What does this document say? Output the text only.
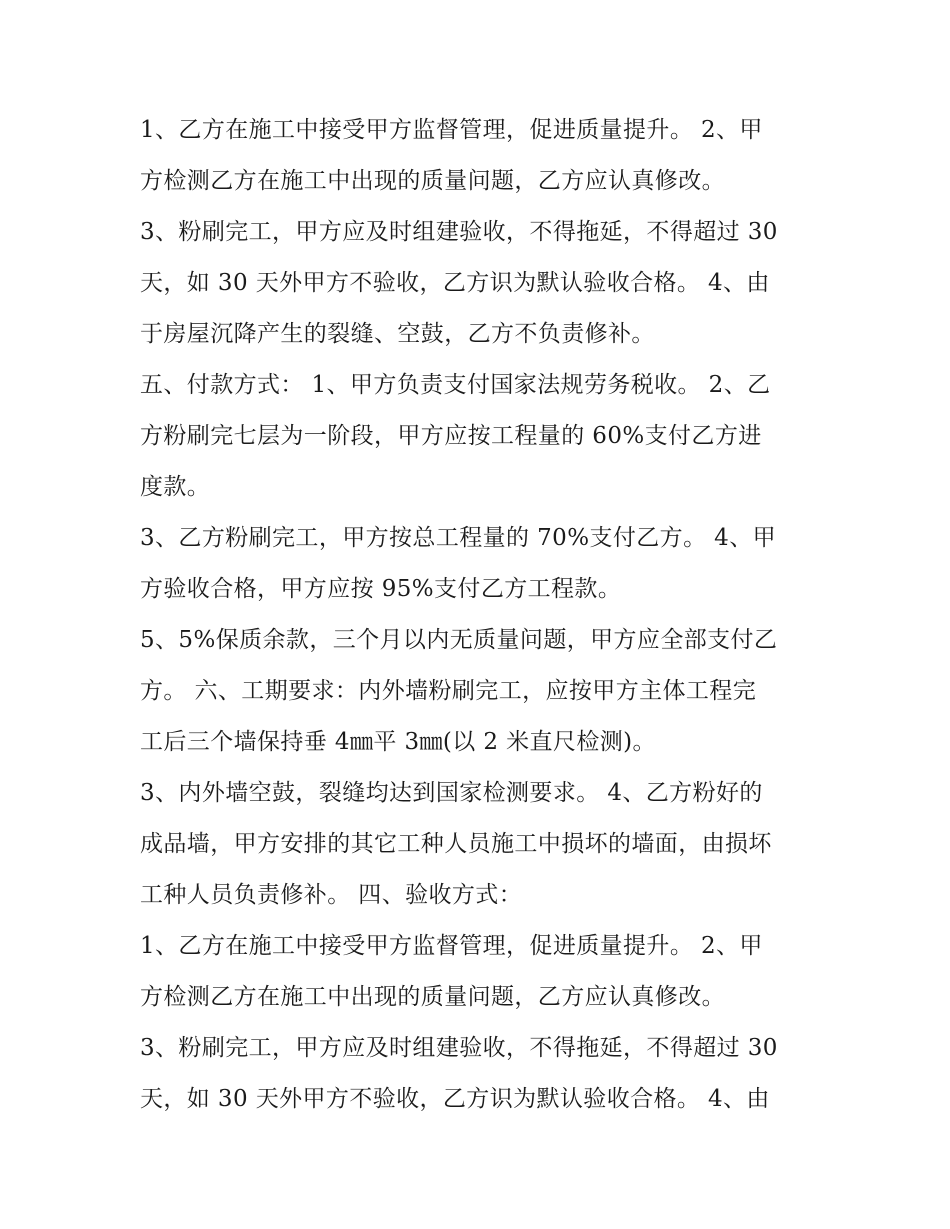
1、乙方在施工中接受甲方监督管理，促进质量提升。 2、甲
方检测乙方在施工中出现的质量问题，乙方应认真修改。
3、粉刷完工，甲方应及时组建验收，不得拖延，不得超过 30
天，如 30 天外甲方不验收，乙方识为默认验收合格。 4、由
于房屋沉降产生的裂缝、空鼓，乙方不负责修补。
五、付款方式： 1、甲方负责支付国家法规劳务税收。 2、乙
方粉刷完七层为一阶段，甲方应按工程量的 60%支付乙方进
度款。
3、乙方粉刷完工，甲方按总工程量的 70%支付乙方。 4、甲
方验收合格，甲方应按 95%支付乙方工程款。
5、5%保质余款，三个月以内无质量问题，甲方应全部支付乙
方。 六、工期要求：内外墙粉刷完工，应按甲方主体工程完
工后三个墙保持垂 4㎜平 3㎜(以 2 米直尺检测)。
3、内外墙空鼓，裂缝均达到国家检测要求。 4、乙方粉好的
成品墙，甲方安排的其它工种人员施工中损坏的墙面，由损坏
工种人员负责修补。 四、验收方式：
1、乙方在施工中接受甲方监督管理，促进质量提升。 2、甲
方检测乙方在施工中出现的质量问题，乙方应认真修改。
3、粉刷完工，甲方应及时组建验收，不得拖延，不得超过 30
天，如 30 天外甲方不验收，乙方识为默认验收合格。 4、由
